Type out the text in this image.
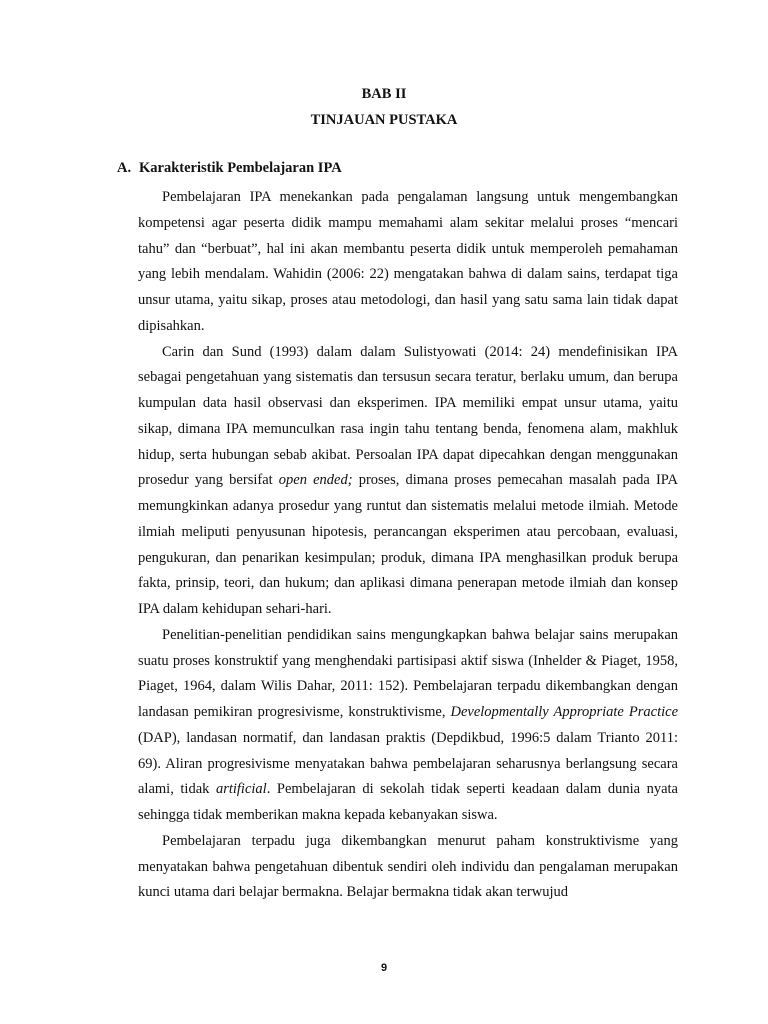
BAB II
TINJAUAN PUSTAKA
A. Karakteristik Pembelajaran IPA

Pembelajaran IPA menekankan pada pengalaman langsung untuk mengembangkan kompetensi agar peserta didik mampu memahami alam sekitar melalui proses “mencari tahu” dan “berbuat”, hal ini akan membantu peserta didik untuk memperoleh pemahaman yang lebih mendalam. Wahidin (2006: 22) mengatakan bahwa di dalam sains, terdapat tiga unsur utama, yaitu sikap, proses atau metodologi, dan hasil yang satu sama lain tidak dapat dipisahkan.

Carin dan Sund (1993) dalam dalam Sulistyowati (2014: 24) mendefinisikan IPA sebagai pengetahuan yang sistematis dan tersusun secara teratur, berlaku umum, dan berupa kumpulan data hasil observasi dan eksperimen. IPA memiliki empat unsur utama, yaitu sikap, dimana IPA memunculkan rasa ingin tahu tentang benda, fenomena alam, makhluk hidup, serta hubungan sebab akibat. Persoalan IPA dapat dipecahkan dengan menggunakan prosedur yang bersifat open ended; proses, dimana proses pemecahan masalah pada IPA memungkinkan adanya prosedur yang runtut dan sistematis melalui metode ilmiah. Metode ilmiah meliputi penyusunan hipotesis, perancangan eksperimen atau percobaan, evaluasi, pengukuran, dan penarikan kesimpulan; produk, dimana IPA menghasilkan produk berupa fakta, prinsip, teori, dan hukum; dan aplikasi dimana penerapan metode ilmiah dan konsep IPA dalam kehidupan sehari-hari.

Penelitian-penelitian pendidikan sains mengungkapkan bahwa belajar sains merupakan suatu proses konstruktif yang menghendaki partisipasi aktif siswa (Inhelder & Piaget, 1958, Piaget, 1964, dalam Wilis Dahar, 2011: 152). Pembelajaran terpadu dikembangkan dengan landasan pemikiran progresivisme, konstruktivisme, Developmentally Appropriate Practice (DAP), landasan normatif, dan landasan praktis (Depdikbud, 1996:5 dalam Trianto 2011: 69). Aliran progresivisme menyatakan bahwa pembelajaran seharusnya berlangsung secara alami, tidak artificial. Pembelajaran di sekolah tidak seperti keadaan dalam dunia nyata sehingga tidak memberikan makna kepada kebanyakan siswa.

Pembelajaran terpadu juga dikembangkan menurut paham konstruktivisme yang menyatakan bahwa pengetahuan dibentuk sendiri oleh individu dan pengalaman merupakan kunci utama dari belajar bermakna. Belajar bermakna tidak akan terwujud

9
